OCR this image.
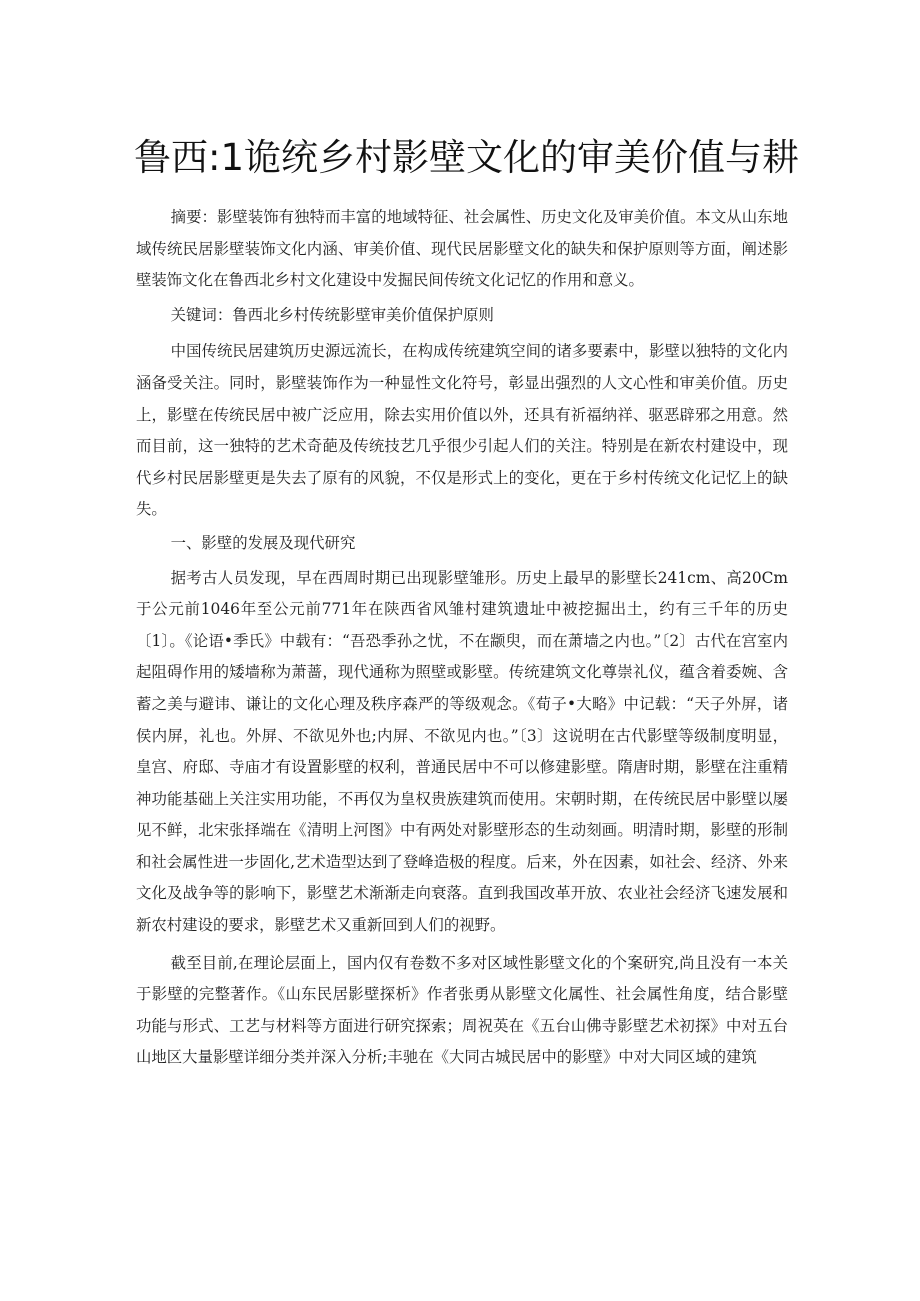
鲁西:1诡统乡村影壁文化的审美价值与耕

摘要：影壁装饰有独特而丰富的地域特征、社会属性、历史文化及审美价值。本文从山东地域传统民居影壁装饰文化内涵、审美价值、现代民居影壁文化的缺失和保护原则等方面，阐述影壁装饰文化在鲁西北乡村文化建设中发掘民间传统文化记忆的作用和意义。

关键词：鲁西北乡村传统影壁审美价值保护原则

中国传统民居建筑历史源远流长，在构成传统建筑空间的诸多要素中，影壁以独特的文化内涵备受关注。同时，影壁装饰作为一种显性文化符号，彰显出强烈的人文心性和审美价值。历史上，影壁在传统民居中被广泛应用，除去实用价值以外，还具有祈福纳祥、驱恶辟邪之用意。然而目前，这一独特的艺术奇葩及传统技艺几乎很少引起人们的关注。特别是在新农村建设中，现代乡村民居影壁更是失去了原有的风貌，不仅是形式上的变化，更在于乡村传统文化记忆上的缺失。

一、影壁的发展及现代研究

据考古人员发现，早在西周时期已出现影壁雏形。历史上最早的影壁长241cm、高20Cm于公元前1046年至公元前771年在陕西省风雏村建筑遗址中被挖掘出土，约有三千年的历史〔1〕。《论语•季氏》中载有：“吾恐季孙之忧，不在颛臾，而在萧墙之内也。”〔2〕古代在宫室内起阻碍作用的矮墙称为萧蔷，现代通称为照壁或影壁。传统建筑文化尊崇礼仪，蕴含着委婉、含蓄之美与避讳、谦让的文化心理及秩序森严的等级观念。《荀子•大略》中记载：“天子外屏，诸侯内屏，礼也。外屏、不欲见外也;内屏、不欲见内也。”〔3〕这说明在古代影壁等级制度明显，皇宫、府邸、寺庙才有设置影壁的权利，普通民居中不可以修建影壁。隋唐时期，影壁在注重精神功能基础上关注实用功能，不再仅为皇权贵族建筑而使用。宋朝时期，在传统民居中影壁以屡见不鲜，北宋张择端在《清明上河图》中有两处对影壁形态的生动刻画。明清时期，影壁的形制和社会属性进一步固化,艺术造型达到了登峰造极的程度。后来，外在因素，如社会、经济、外来文化及战争等的影响下，影壁艺术渐渐走向衰落。直到我国改革开放、农业社会经济飞速发展和新农村建设的要求，影壁艺术又重新回到人们的视野。

截至目前,在理论层面上，国内仅有卷数不多对区域性影壁文化的个案研究,尚且没有一本关于影壁的完整著作。《山东民居影壁探析》作者张勇从影壁文化属性、社会属性角度，结合影壁功能与形式、工艺与材料等方面进行研究探索；周祝英在《五台山佛寺影壁艺术初探》中对五台山地区大量影壁详细分类并深入分析;丰驰在《大同古城民居中的影壁》中对大同区域的建筑
